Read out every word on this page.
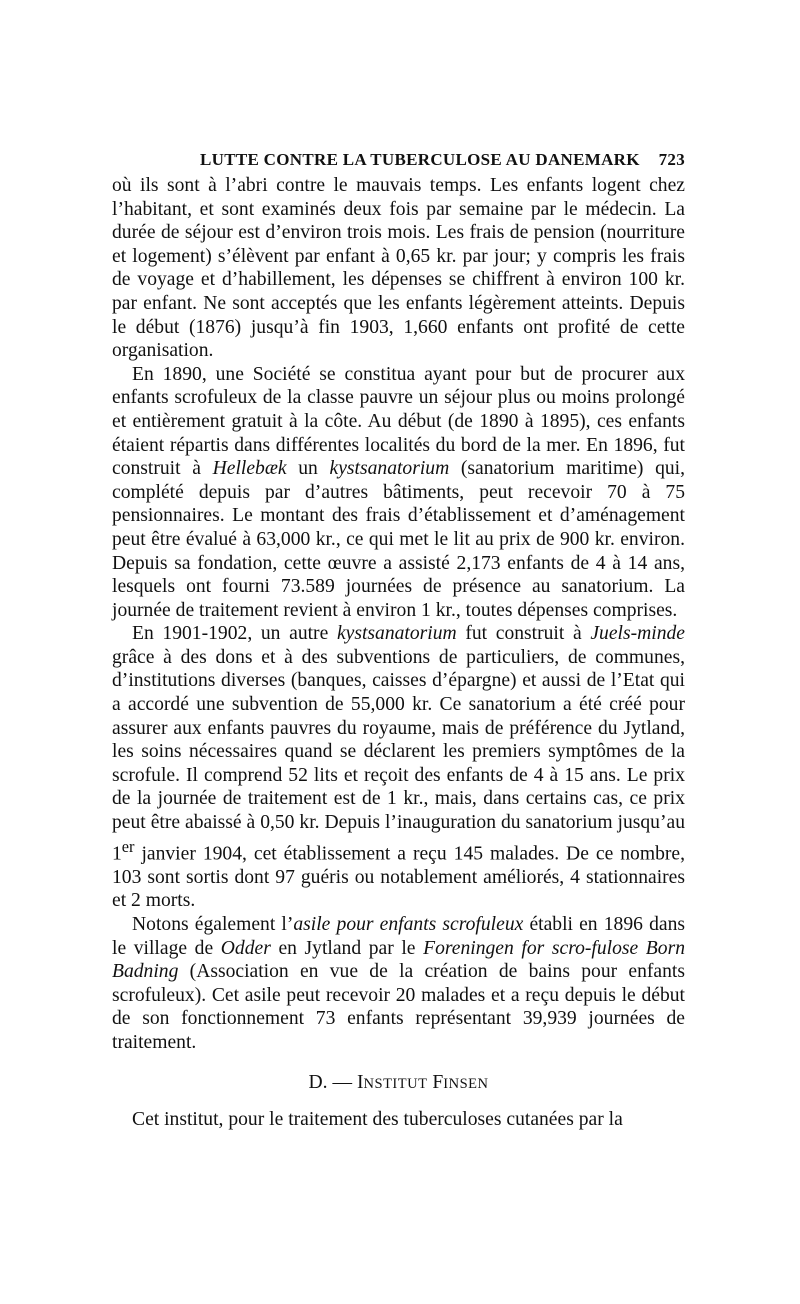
LUTTE CONTRE LA TUBERCULOSE AU DANEMARK 723

où ils sont à l’abri contre le mauvais temps. Les enfants logent chez l’habitant, et sont examinés deux fois par semaine par le médecin. La durée de séjour est d’environ trois mois. Les frais de pension (nourriture et logement) s’élèvent par enfant à 0,65 kr. par jour; y compris les frais de voyage et d’habillement, les dépenses se chiffrent à environ 100 kr. par enfant. Ne sont acceptés que les enfants légèrement atteints. Depuis le début (1876) jusqu’à fin 1903, 1,660 enfants ont profité de cette organisation.

En 1890, une Société se constitua ayant pour but de procurer aux enfants scrofuleux de la classe pauvre un séjour plus ou moins prolongé et entièrement gratuit à la côte. Au début (de 1890 à 1895), ces enfants étaient répartis dans différentes localités du bord de la mer. En 1896, fut construit à Hellebæk un kystsanatorium (sanatorium maritime) qui, complété depuis par d’autres bâtiments, peut recevoir 70 à 75 pensionnaires. Le montant des frais d’établissement et d’aménagement peut être évalué à 63,000 kr., ce qui met le lit au prix de 900 kr. environ. Depuis sa fondation, cette œuvre a assisté 2,173 enfants de 4 à 14 ans, lesquels ont fourni 73.589 journées de présence au sanatorium. La journée de traitement revient à environ 1 kr., toutes dépenses comprises.

En 1901-1902, un autre kystsanatorium fut construit à Juels-minde grâce à des dons et à des subventions de particuliers, de communes, d’institutions diverses (banques, caisses d’épargne) et aussi de l’Etat qui a accordé une subvention de 55,000 kr. Ce sanatorium a été créé pour assurer aux enfants pauvres du royaume, mais de préférence du Jytland, les soins nécessaires quand se déclarent les premiers symptômes de la scrofule. Il comprend 52 lits et reçoit des enfants de 4 à 15 ans. Le prix de la journée de traitement est de 1 kr., mais, dans certains cas, ce prix peut être abaissé à 0,50 kr. Depuis l’inauguration du sanatorium jusqu’au 1er janvier 1904, cet établissement a reçu 145 malades. De ce nombre, 103 sont sortis dont 97 guéris ou notablement améliorés, 4 stationnaires et 2 morts.

Notons également l’asile pour enfants scrofuleux établi en 1896 dans le village de Odder en Jytland par le Foreningen for scro-fulose Born Badning (Association en vue de la création de bains pour enfants scrofuleux). Cet asile peut recevoir 20 malades et a reçu depuis le début de son fonctionnement 73 enfants représentant 39,939 journées de traitement.

D. — INSTITUT FINSEN

Cet institut, pour le traitement des tuberculoses cutanées par la
